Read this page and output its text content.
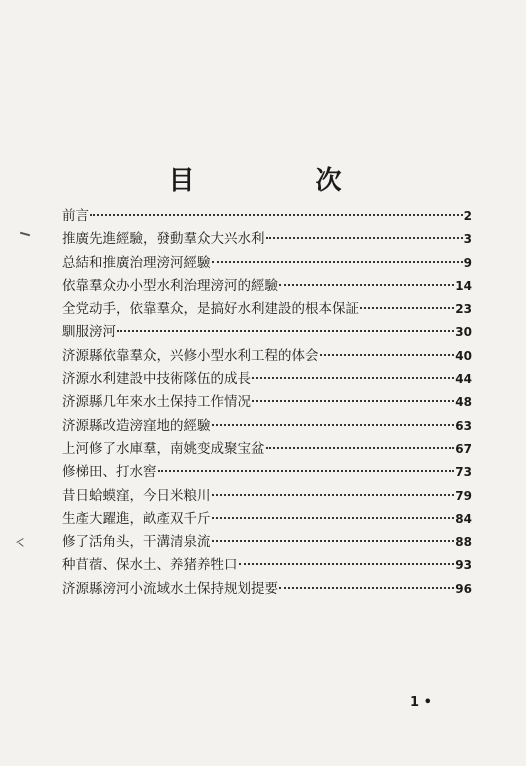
目 次
前言	2
推廣先進經驗，發動羣众大兴水利	3
总結和推廣治理滂河經驗	9
依靠羣众办小型水利治理滂河的經驗	14
全党动手，依靠羣众，是搞好水利建設的根本保証	23
馴服滂河	30
济源縣依靠羣众，兴修小型水利工程的体会	40
济源水利建設中技術隊伍的成長	44
济源縣几年來水土保持工作情况	48
济源縣改造滂窪地的經驗	63
上河修了水庫羣，南姚变成聚宝盆	67
修梯田、打水窖	73
昔日蛤蟆窪，今日米粮川	79
生產大躍進，畝產双千斤	84
修了活角头，干溝清泉流	88
种苜蓿、保水土、养猪养牲口	93
济源縣滂河小流域水土保持规划提要	96
1 •
